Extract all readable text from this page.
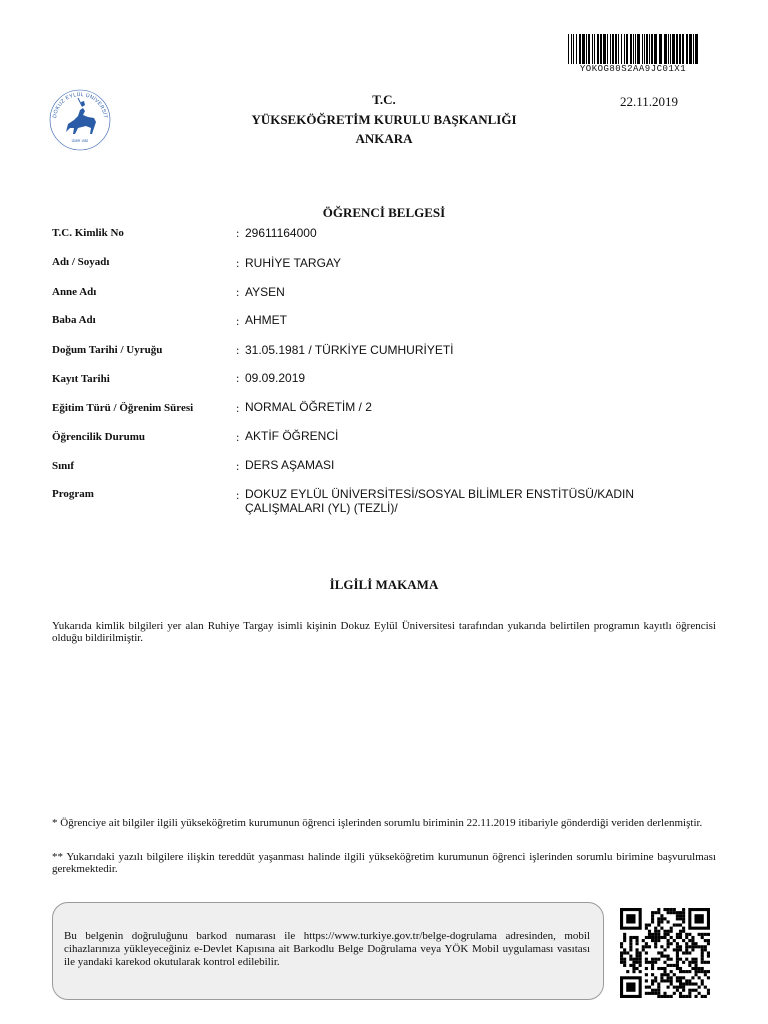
YOKOG80S2AA9JC01X1
DOKUZ EYLÜL ÜNİVERSİT
İZMİR 1982
T.C.
YÜKSEKÖĞRETİM KURULU BAŞKANLIĞI
ANKARA
22.11.2019
ÖĞRENCİ BELGESİ
T.C. Kimlik No	: 29611164000
Adı / Soyadı	: RUHİYE TARGAY
Anne Adı	: AYSEN
Baba Adı	: AHMET
Doğum Tarihi / Uyruğu	: 31.05.1981 / TÜRKİYE CUMHURİYETİ
Kayıt Tarihi	: 09.09.2019
Eğitim Türü / Öğrenim Süresi	: NORMAL ÖĞRETİM / 2
Öğrencilik Durumu	: AKTİF ÖĞRENCİ
Sınıf	: DERS AŞAMASI
Program	: DOKUZ EYLÜL ÜNİVERSİTESİ/SOSYAL BİLİMLER ENSTİTÜSÜ/KADIN ÇALIŞMALARI (YL) (TEZLİ)/
İLGİLİ MAKAMA
Yukarıda kimlik bilgileri yer alan Ruhiye Targay isimli kişinin Dokuz Eylül Üniversitesi tarafından yukarıda belirtilen programın kayıtlı öğrencisi olduğu bildirilmiştir.
* Öğrenciye ait bilgiler ilgili yükseköğretim kurumunun öğrenci işlerinden sorumlu biriminin 22.11.2019 itibariyle gönderdiği veriden derlenmiştir.
** Yukarıdaki yazılı bilgilere ilişkin tereddüt yaşanması halinde ilgili yükseköğretim kurumunun öğrenci işlerinden sorumlu birimine başvurulması gerekmektedir.
Bu belgenin doğruluğunu barkod numarası ile https://www.turkiye.gov.tr/belge-dogrulama adresinden, mobil cihazlarınıza yükleyeceğiniz e-Devlet Kapısına ait Barkodlu Belge Doğrulama veya YÖK Mobil uygulaması vasıtası ile yandaki karekod okutularak kontrol edilebilir.
